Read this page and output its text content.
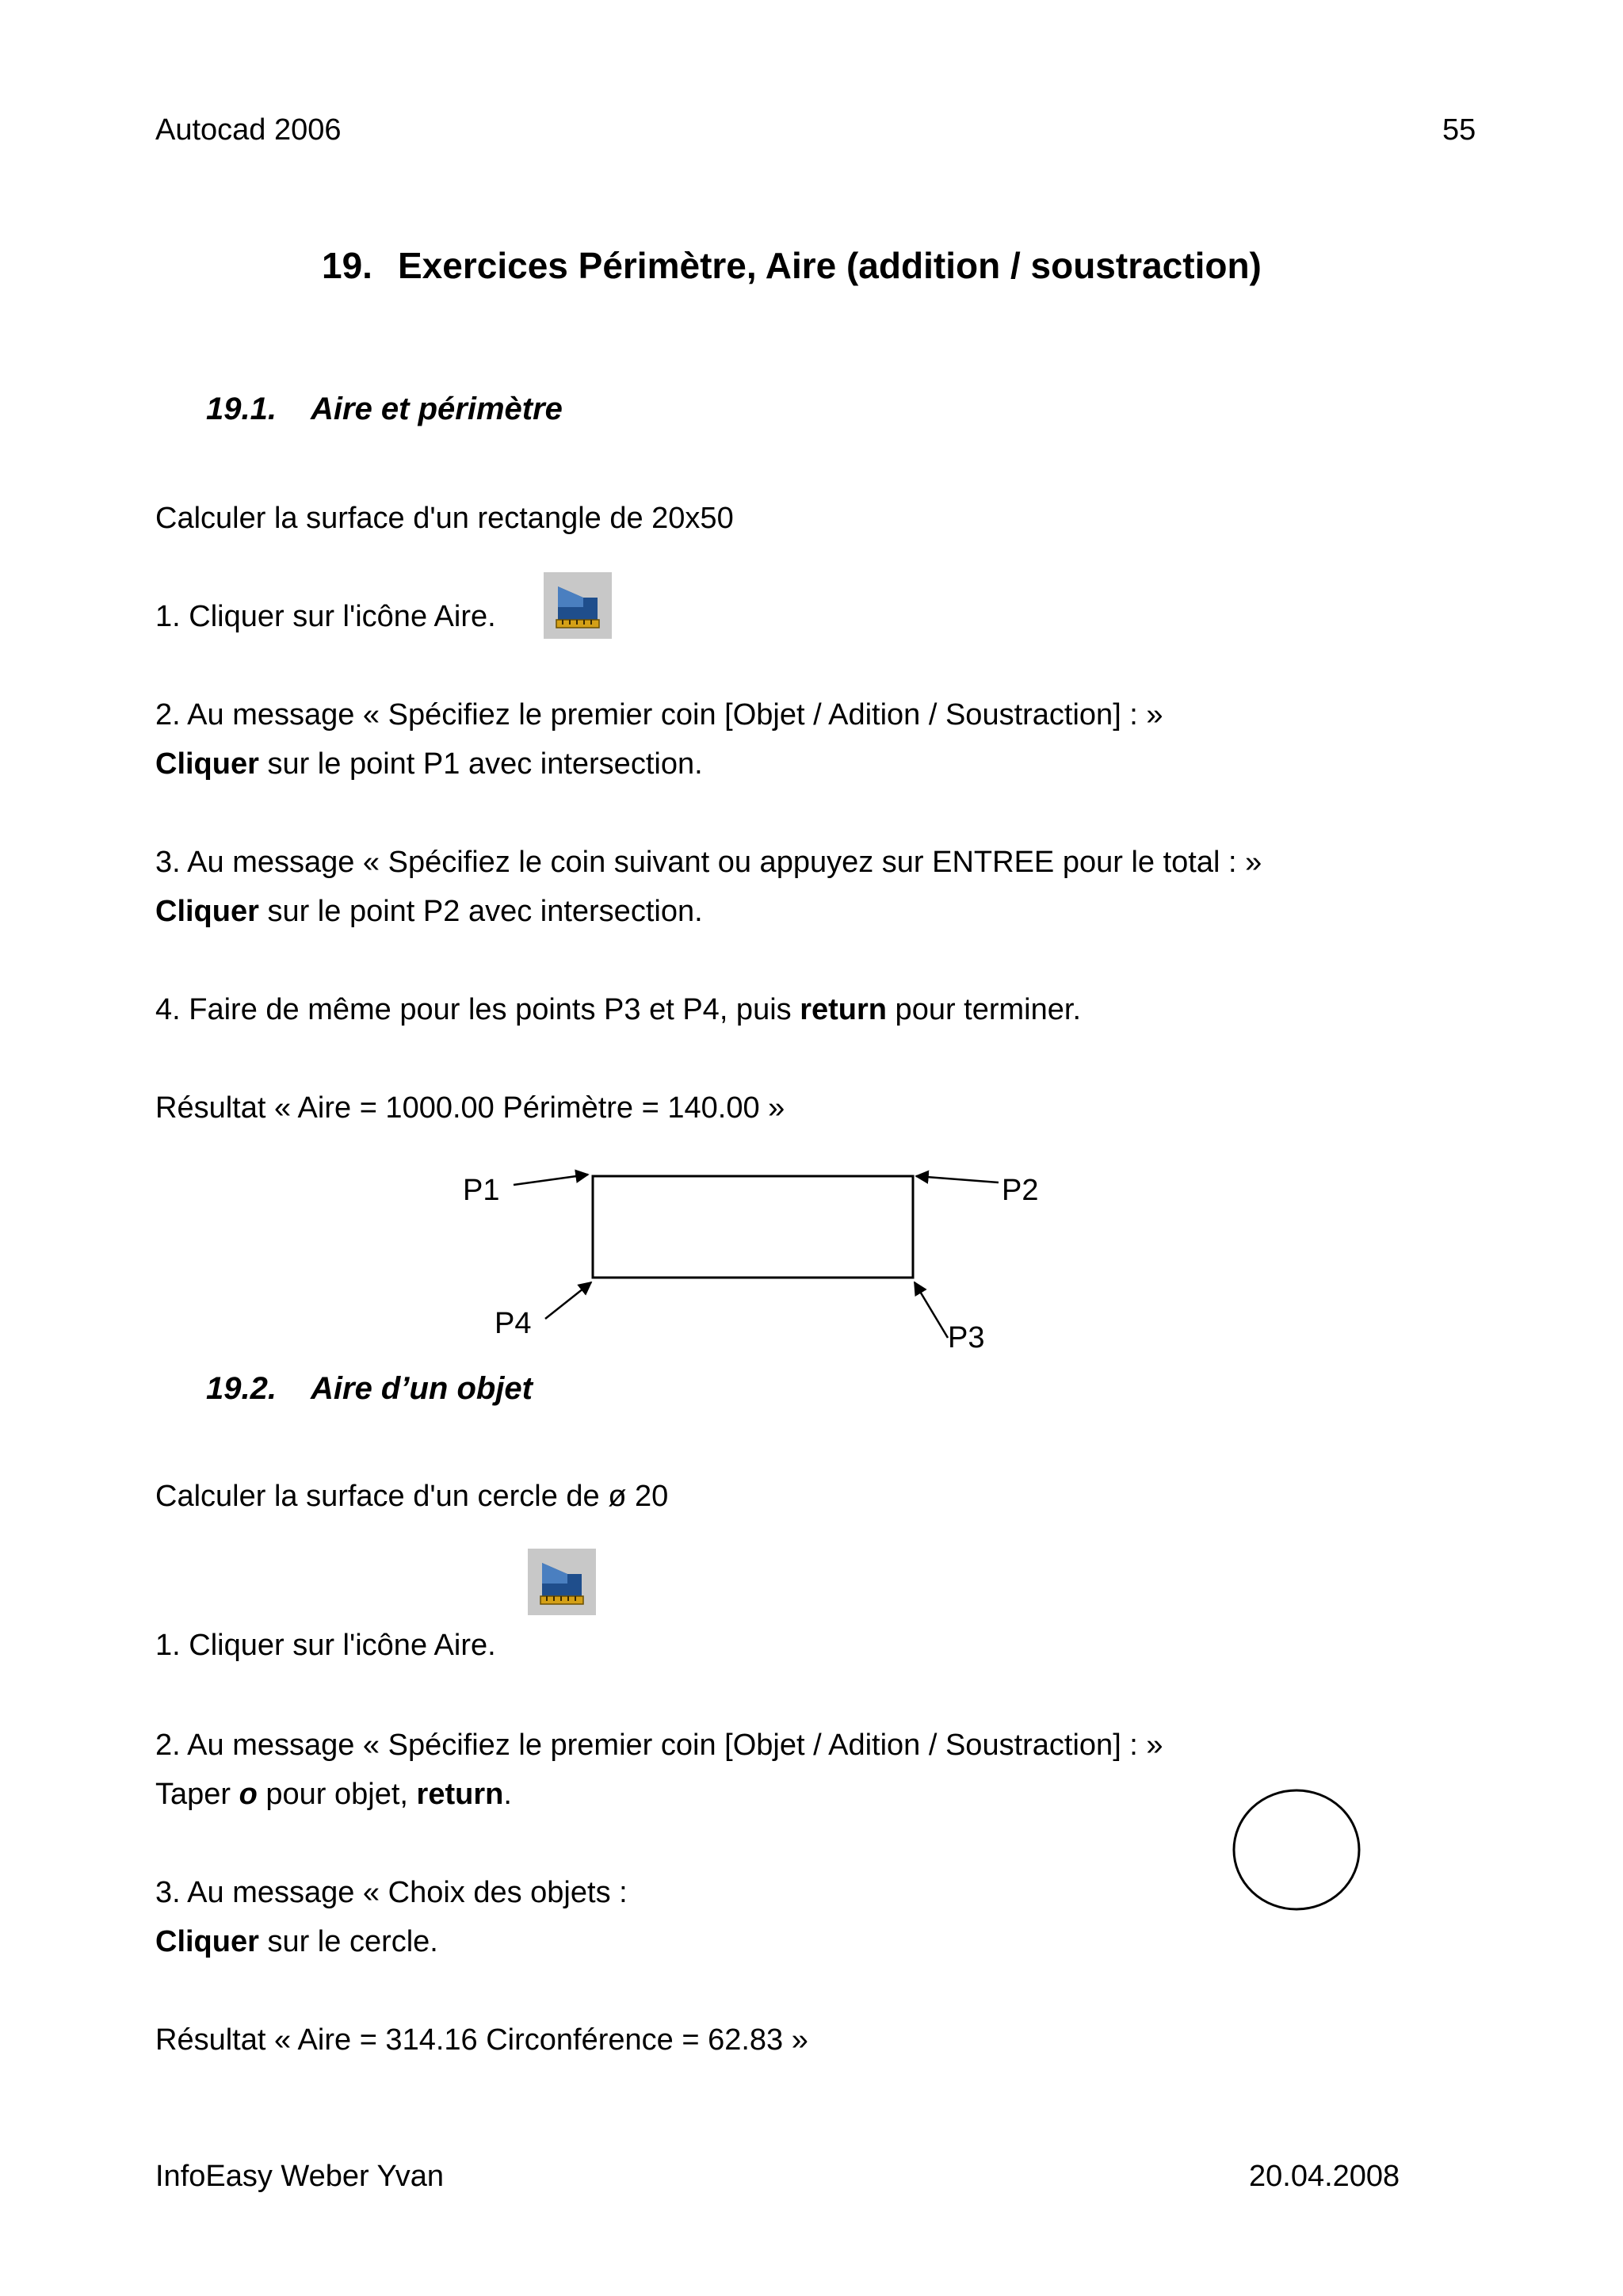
Autocad 2006	55
19. Exercices Périmètre, Aire (addition / soustraction)
19.1. Aire et périmètre
Calculer la surface d'un rectangle de 20x50
1. Cliquer sur l'icône Aire.
2. Au message « Spécifiez le premier coin [Objet / Adition / Soustraction] : »
Cliquer sur le point P1 avec intersection.
3. Au message « Spécifiez le coin suivant ou appuyez sur ENTREE pour le total : »
Cliquer sur le point P2 avec intersection.
4. Faire de même pour les points P3 et P4, puis return pour terminer.
Résultat « Aire = 1000.00 Périmètre = 140.00 »
P1	P2
P3
P4
19.2. Aire d’un objet
Calculer la surface d'un cercle de ø 20
1. Cliquer sur l'icône Aire.
2. Au message « Spécifiez le premier coin [Objet / Adition / Soustraction] : »
Taper o pour objet, return.
3. Au message « Choix des objets :
Cliquer sur le cercle.
Résultat « Aire = 314.16 Circonférence = 62.83 »
InfoEasy Weber Yvan	20.04.2008
